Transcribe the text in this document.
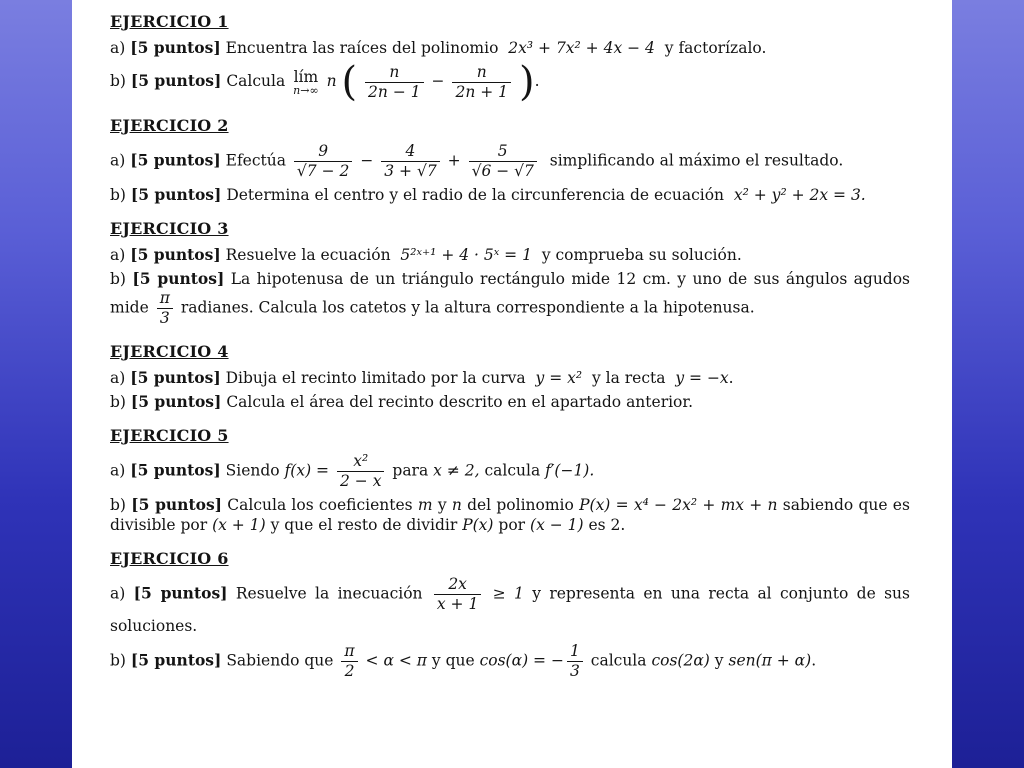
EJERCICIO 1
a) [5 puntos] Encuentra las raíces del polinomio 2x³ + 7x² + 4x − 4 y factorízalo.
b) [5 puntos] Calcula lím
n→∞ n ( $\frac{n}{2n - 1} - \frac{n}{2n + 1}$ ).
EJERCICIO 2
a) [5 puntos] Efectúa $\frac{9}{√7 - 2} - \frac{4}{3 + √7} + \frac{5}{√6 - √7}$ simplificando al máximo el resultado.
b) [5 puntos] Determina el centro y el radio de la circunferencia de ecuación x² + y² + 2x = 3.
EJERCICIO 3
a) [5 puntos] Resuelve la ecuación 5²ˣ⁺¹ + 4 · 5ˣ = 1 y comprueba su solución.
b) [5 puntos] La hipotenusa de un triángulo rectángulo mide 12 cm. y uno de sus ángulos agudos mide $\frac{\pi}{3}$ radianes. Calcula los catetos y la altura correspondiente a la hipotenusa.
EJERCICIO 4
a) [5 puntos] Dibuja el recinto limitado por la curva y = x² y la recta y = −x.
b) [5 puntos] Calcula el área del recinto descrito en el apartado anterior.
EJERCICIO 5
a) [5 puntos] Siendo $f(x) = \frac{\text{x²}}{2 - x}$ para x ≠ 2, calcula f′(−1).
b) [5 puntos] Calcula los coeficientes m y n del polinomio P(x) = x⁴ − 2x² + mx + n sabiendo que es divisible por (x + 1) y que el resto de dividir P(x) por (x − 1) es 2.
EJERCICIO 6
a) [5 puntos] Resuelve la inecuación $\frac{2x}{x + 1} \ge 1$ y representa en una recta al conjunto de sus soluciones.
b) [5 puntos] Sabiendo que $\frac{\pi}{2} < \alpha < \pi$ y que cos(α) = − $\frac{1}{3}$ calcula cos(2α) y sen(π + α).
